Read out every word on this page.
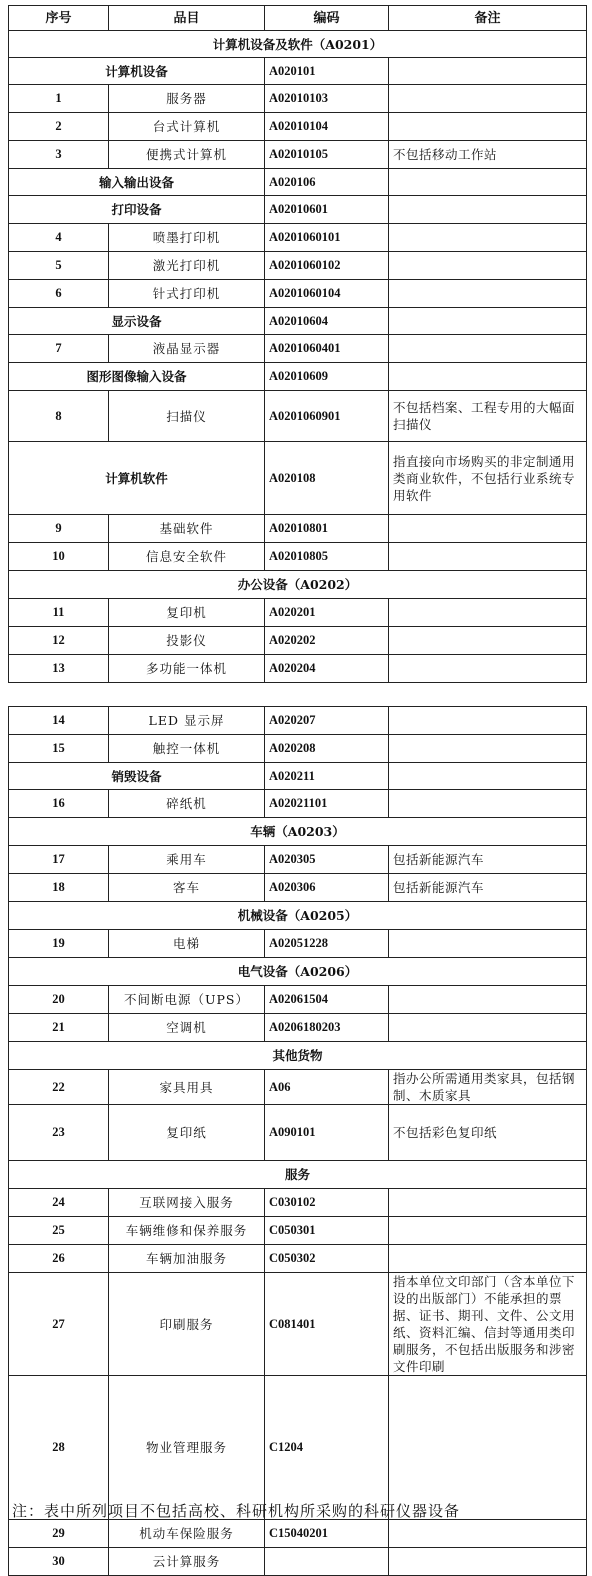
序号	品目	编码	备注
计算机设备及软件（A0201）			
计算机设备		A020101	
1	服务器	A02010103	
2	台式计算机	A02010104	
3	便携式计算机	A02010105	不包括移动工作站
输入输出设备		A020106	
打印设备		A02010601	
4	喷墨打印机	A0201060101	
5	激光打印机	A0201060102	
6	针式打印机	A0201060104	
显示设备		A02010604	
7	液晶显示器	A0201060401	
图形图像输入设备		A02010609	
8	扫描仪	A0201060901	不包括档案、工程专用的大幅面扫描仪
计算机软件		A020108	指直接向市场购买的非定制通用类商业软件，不包括行业系统专用软件
9	基础软件	A02010801	
10	信息安全软件	A02010805	
办公设备（A0202）			
11	复印机	A020201	
12	投影仪	A020202	
13	多功能一体机	A020204	
14	LED 显示屏	A020207	
15	触控一体机	A020208	
销毁设备		A020211	
16	碎纸机	A02021101	
车辆（A0203）			
17	乘用车	A020305	包括新能源汽车
18	客车	A020306	包括新能源汽车
机械设备（A0205）			
19	电梯	A02051228	
电气设备（A0206）			
20	不间断电源（UPS）	A02061504	
21	空调机	A0206180203	
其他货物			
22	家具用具	A06	指办公所需通用类家具，包括钢制、木质家具
23	复印纸	A090101	不包括彩色复印纸
服务			
24	互联网接入服务	C030102	
25	车辆维修和保养服务	C050301	
26	车辆加油服务	C050302	
27	印刷服务	C081401	指本单位文印部门（含本单位下设的出版部门）不能承担的票据、证书、期刊、文件、公文用纸、资料汇编、信封等通用类印刷服务，不包括出版服务和涉密文件印刷
28	物业管理服务	C1204	
29	机动车保险服务	C15040201	
30	云计算服务		
注：表中所列项目不包括高校、科研机构所采购的科研仪器设备
